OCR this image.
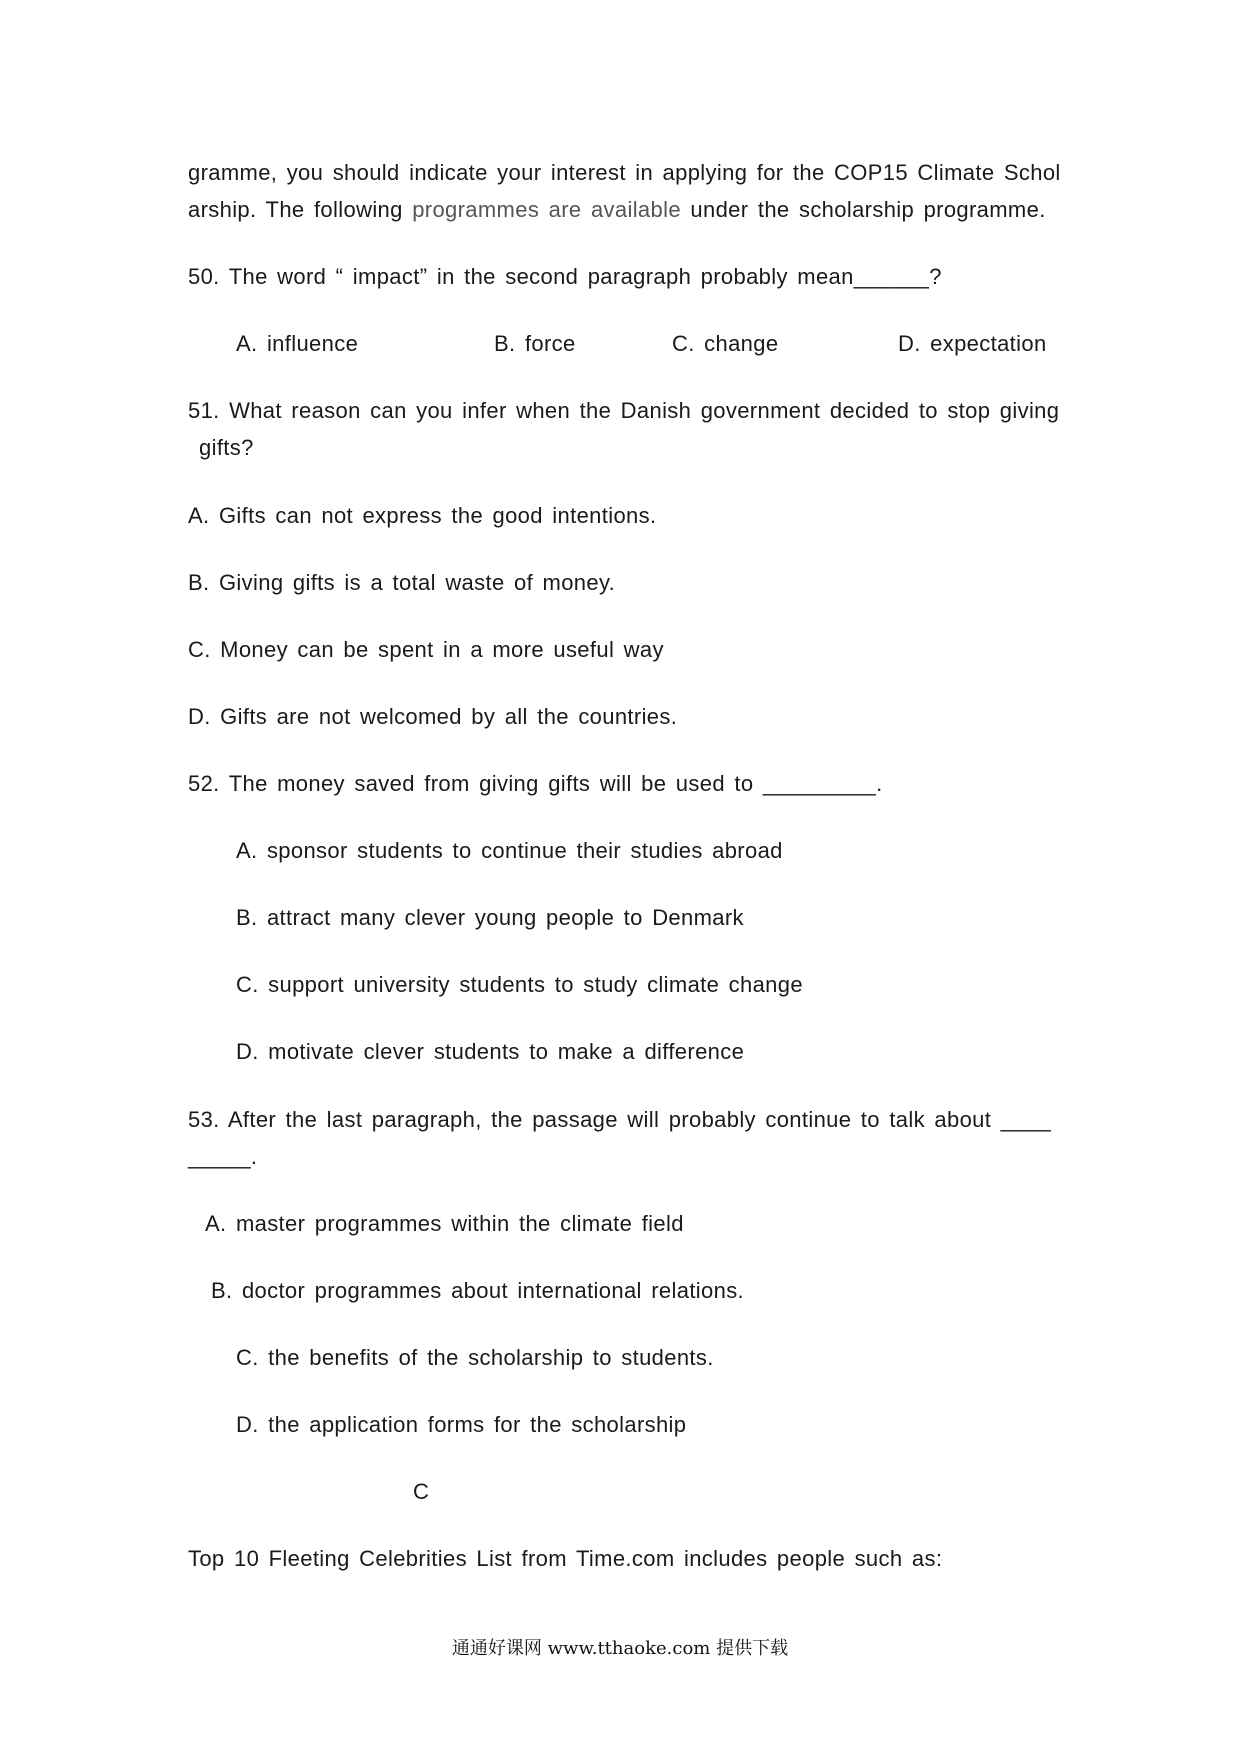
gramme, you should indicate your interest in applying for the COP15 Climate Schol
arship. The following programmes are available under the scholarship programme.
50. The word “ impact” in the second paragraph probably mean______?
A. influence	B. force	C. change	D. expectation
51. What reason can you infer when the Danish government decided to stop giving
gifts?
A. Gifts can not express the good intentions.
B. Giving gifts is a total waste of money.
C. Money can be spent in a more useful way
D. Gifts are not welcomed by all the countries.
52. The money saved from giving gifts will be used to _________.
A. sponsor students to continue their studies abroad
B. attract many clever young people to Denmark
C. support university students to study climate change
D. motivate clever students to make a difference
53. After the last paragraph, the passage will probably continue to talk about ____
_____.
A. master programmes within the climate field
B. doctor programmes about international relations.
C. the benefits of the scholarship to students.
D. the application forms for the scholarship
C
Top 10 Fleeting Celebrities List from Time.com includes people such as:
通通好课网 www.tthaoke.com 提供下载
